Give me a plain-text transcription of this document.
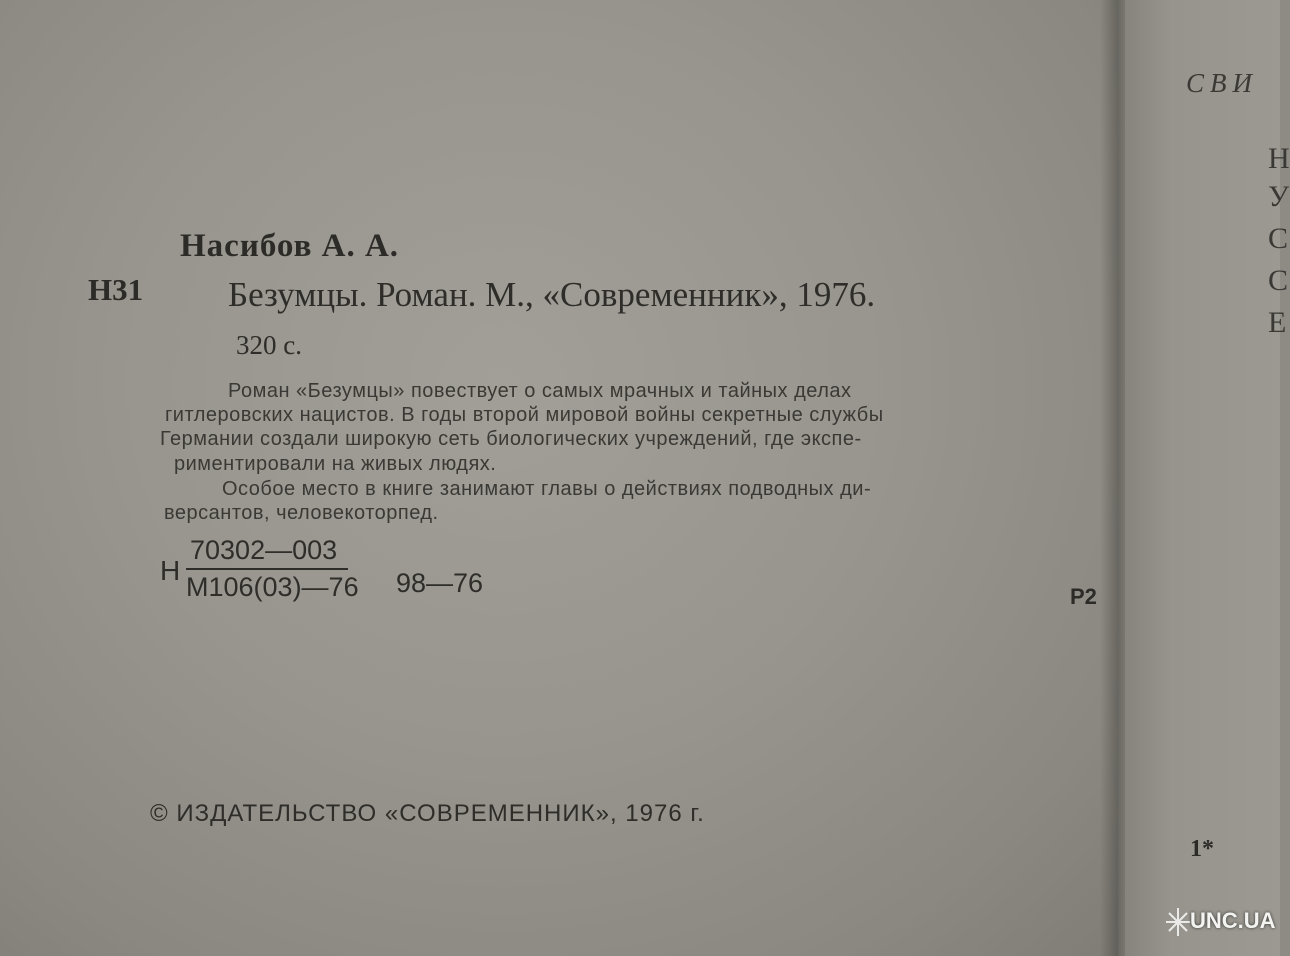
Насибов А. А.
Н31 Безумцы. Роман. М., «Современник», 1976.
320 с.
Роман «Безумцы» повествует о самых мрачных и тайных делах
гитлеровских нацистов. В годы второй мировой войны секретные службы
Германии создали широкую сеть биологических учреждений, где экспе-
риментировали на живых людях.
Особое место в книге занимают главы о действиях подводных ди-
версантов, человекоторпед.
Н
70302—003
М106(03)—76 98—76	Р2
© ИЗДАТЕЛЬСТВО «СОВРЕМЕННИК», 1976 г.
СВИ
Н
У
С
С
Е
1*
UNC.UA
